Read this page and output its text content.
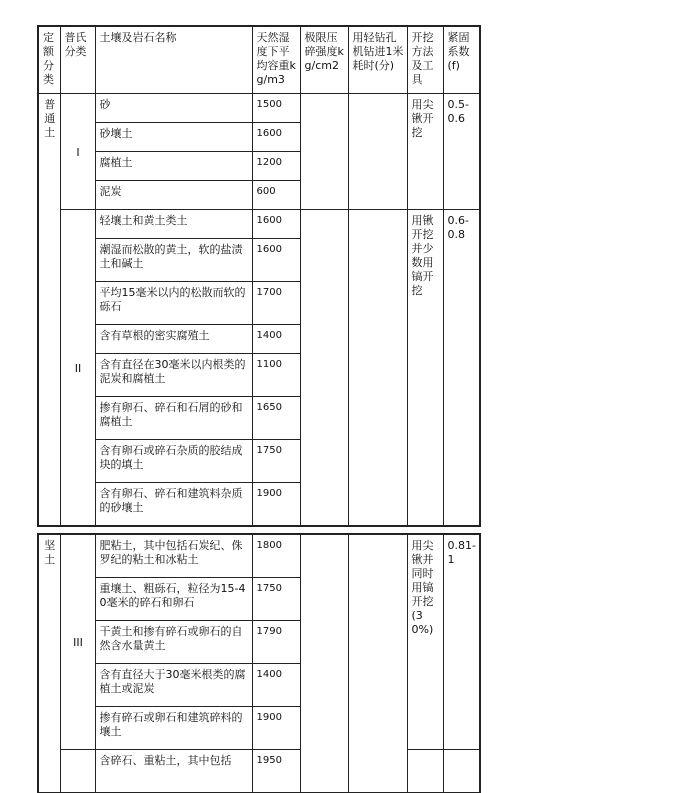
定额分类	普氏分类	土壤及岩石名称	天然湿度下平均容重kg/m3	极限压碎强度kg/cm2	用轻钻孔机钻进1米耗时(分)	开挖方法及工具	紧固系数(f)
普通土	I	砂	1500			用尖锹开挖	0.5-0.6
		砂壤土	1600				
		腐植土	1200				
		泥炭	600				
	II	轻壤土和黄土类土	1600			用锹开挖并少数用镐开挖	0.6-0.8
		潮湿而松散的黄土，软的盐渍土和碱土	1600				
		平均15毫米以内的松散而软的砾石	1700				
		含有草根的密实腐殖土	1400				
		含有直径在30毫米以内根类的泥炭和腐植土	1100				
		掺有卵石、碎石和石屑的砂和腐植土	1650				
		含有卵石或碎石杂质的胶结成块的填土	1750				
		含有卵石、碎石和建筑料杂质的砂壤土	1900				
坚土	III	肥粘土，其中包括石炭纪、侏罗纪的粘土和冰粘土	1800			用尖锹并同时用镐开挖(30%)	0.81-1
		重壤土、粗砾石，粒径为15-40毫米的碎石和卵石	1750				
		干黄土和掺有碎石或卵石的自然含水量黄土	1790				
		含有直径大于30毫米根类的腐植土或泥炭	1400				
		掺有碎石或卵石和建筑碎料的壤土	1900				
		含碎石、重粘土，其中包括	1950				
